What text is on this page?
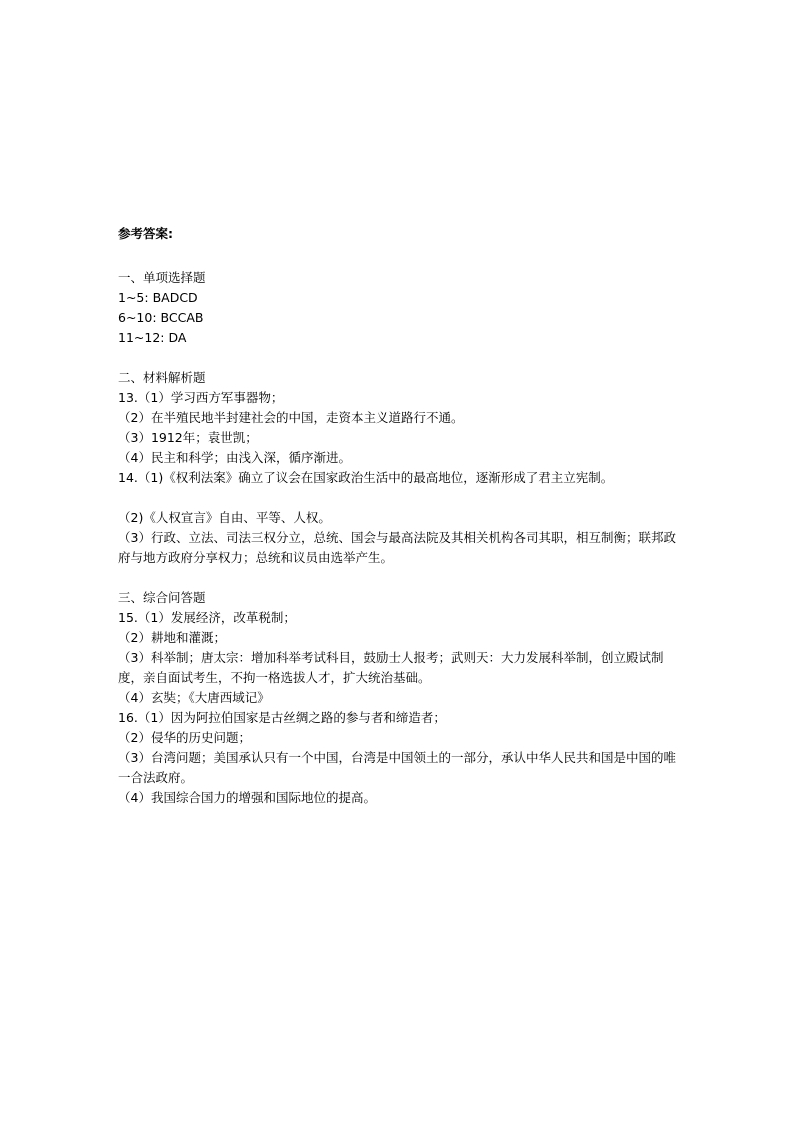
参考答案:
一、单项选择题
1~5: BADCD
6~10: BCCAB
11~12: DA
二、材料解析题
13.（1）学习西方军事器物；
（2）在半殖民地半封建社会的中国，走资本主义道路行不通。
（3）1912年；袁世凯；
（4）民主和科学；由浅入深，循序渐进。
14.（1)《权利法案》确立了议会在国家政治生活中的最高地位，逐渐形成了君主立宪制。
（2)《人权宣言》自由、平等、人权。
（3）行政、立法、司法三权分立，总统、国会与最高法院及其相关机构各司其职，相互制衡；联邦政府与地方政府分享权力；总统和议员由选举产生。
三、综合问答题
15.（1）发展经济，改革税制；
（2）耕地和灌溉；
（3）科举制；唐太宗：增加科举考试科目，鼓励士人报考；武则天：大力发展科举制，创立殿试制度，亲自面试考生，不拘一格选拔人才，扩大统治基础。
（4）玄奘；《大唐西域记》
16.（1）因为阿拉伯国家是古丝绸之路的参与者和缔造者；
（2）侵华的历史问题；
（3）台湾问题；美国承认只有一个中国，台湾是中国领土的一部分，承认中华人民共和国是中国的唯一合法政府。
（4）我国综合国力的增强和国际地位的提高。
